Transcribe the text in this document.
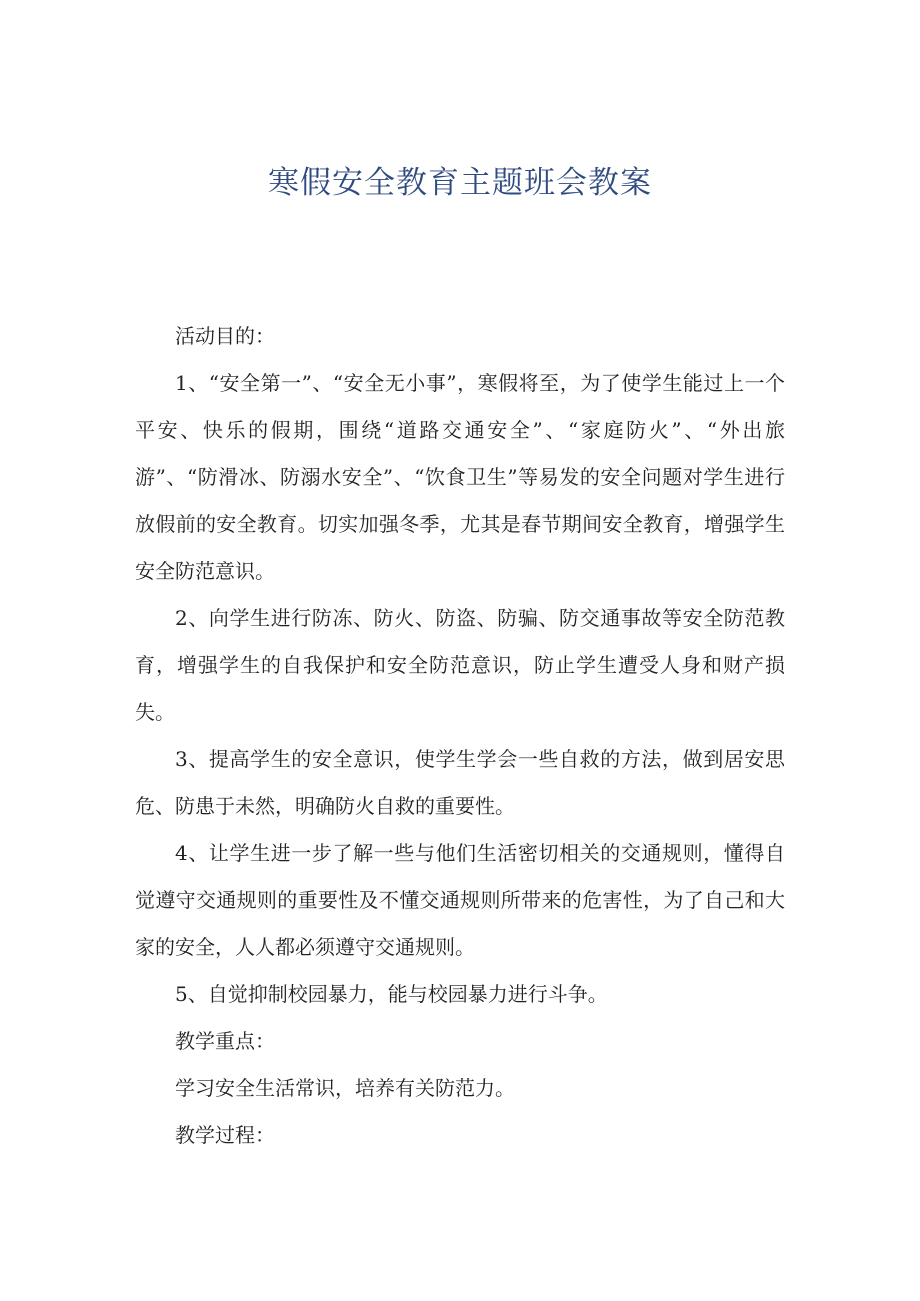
寒假安全教育主题班会教案

活动目的：

1、“安全第一”、“安全无小事”，寒假将至，为了使学生能过上一个平安、快乐的假期，围绕“道路交通安全”、“家庭防火”、“外出旅游”、“防滑冰、防溺水安全”、“饮食卫生”等易发的安全问题对学生进行放假前的安全教育。切实加强冬季，尤其是春节期间安全教育，增强学生安全防范意识。

2、向学生进行防冻、防火、防盗、防骗、防交通事故等安全防范教育，增强学生的自我保护和安全防范意识，防止学生遭受人身和财产损失。

3、提高学生的安全意识，使学生学会一些自救的方法，做到居安思危、防患于未然，明确防火自救的重要性。

4、让学生进一步了解一些与他们生活密切相关的交通规则，懂得自觉遵守交通规则的重要性及不懂交通规则所带来的危害性，为了自己和大家的安全，人人都必须遵守交通规则。

5、自觉抑制校园暴力，能与校园暴力进行斗争。

教学重点：

学习安全生活常识，培养有关防范力。

教学过程：
